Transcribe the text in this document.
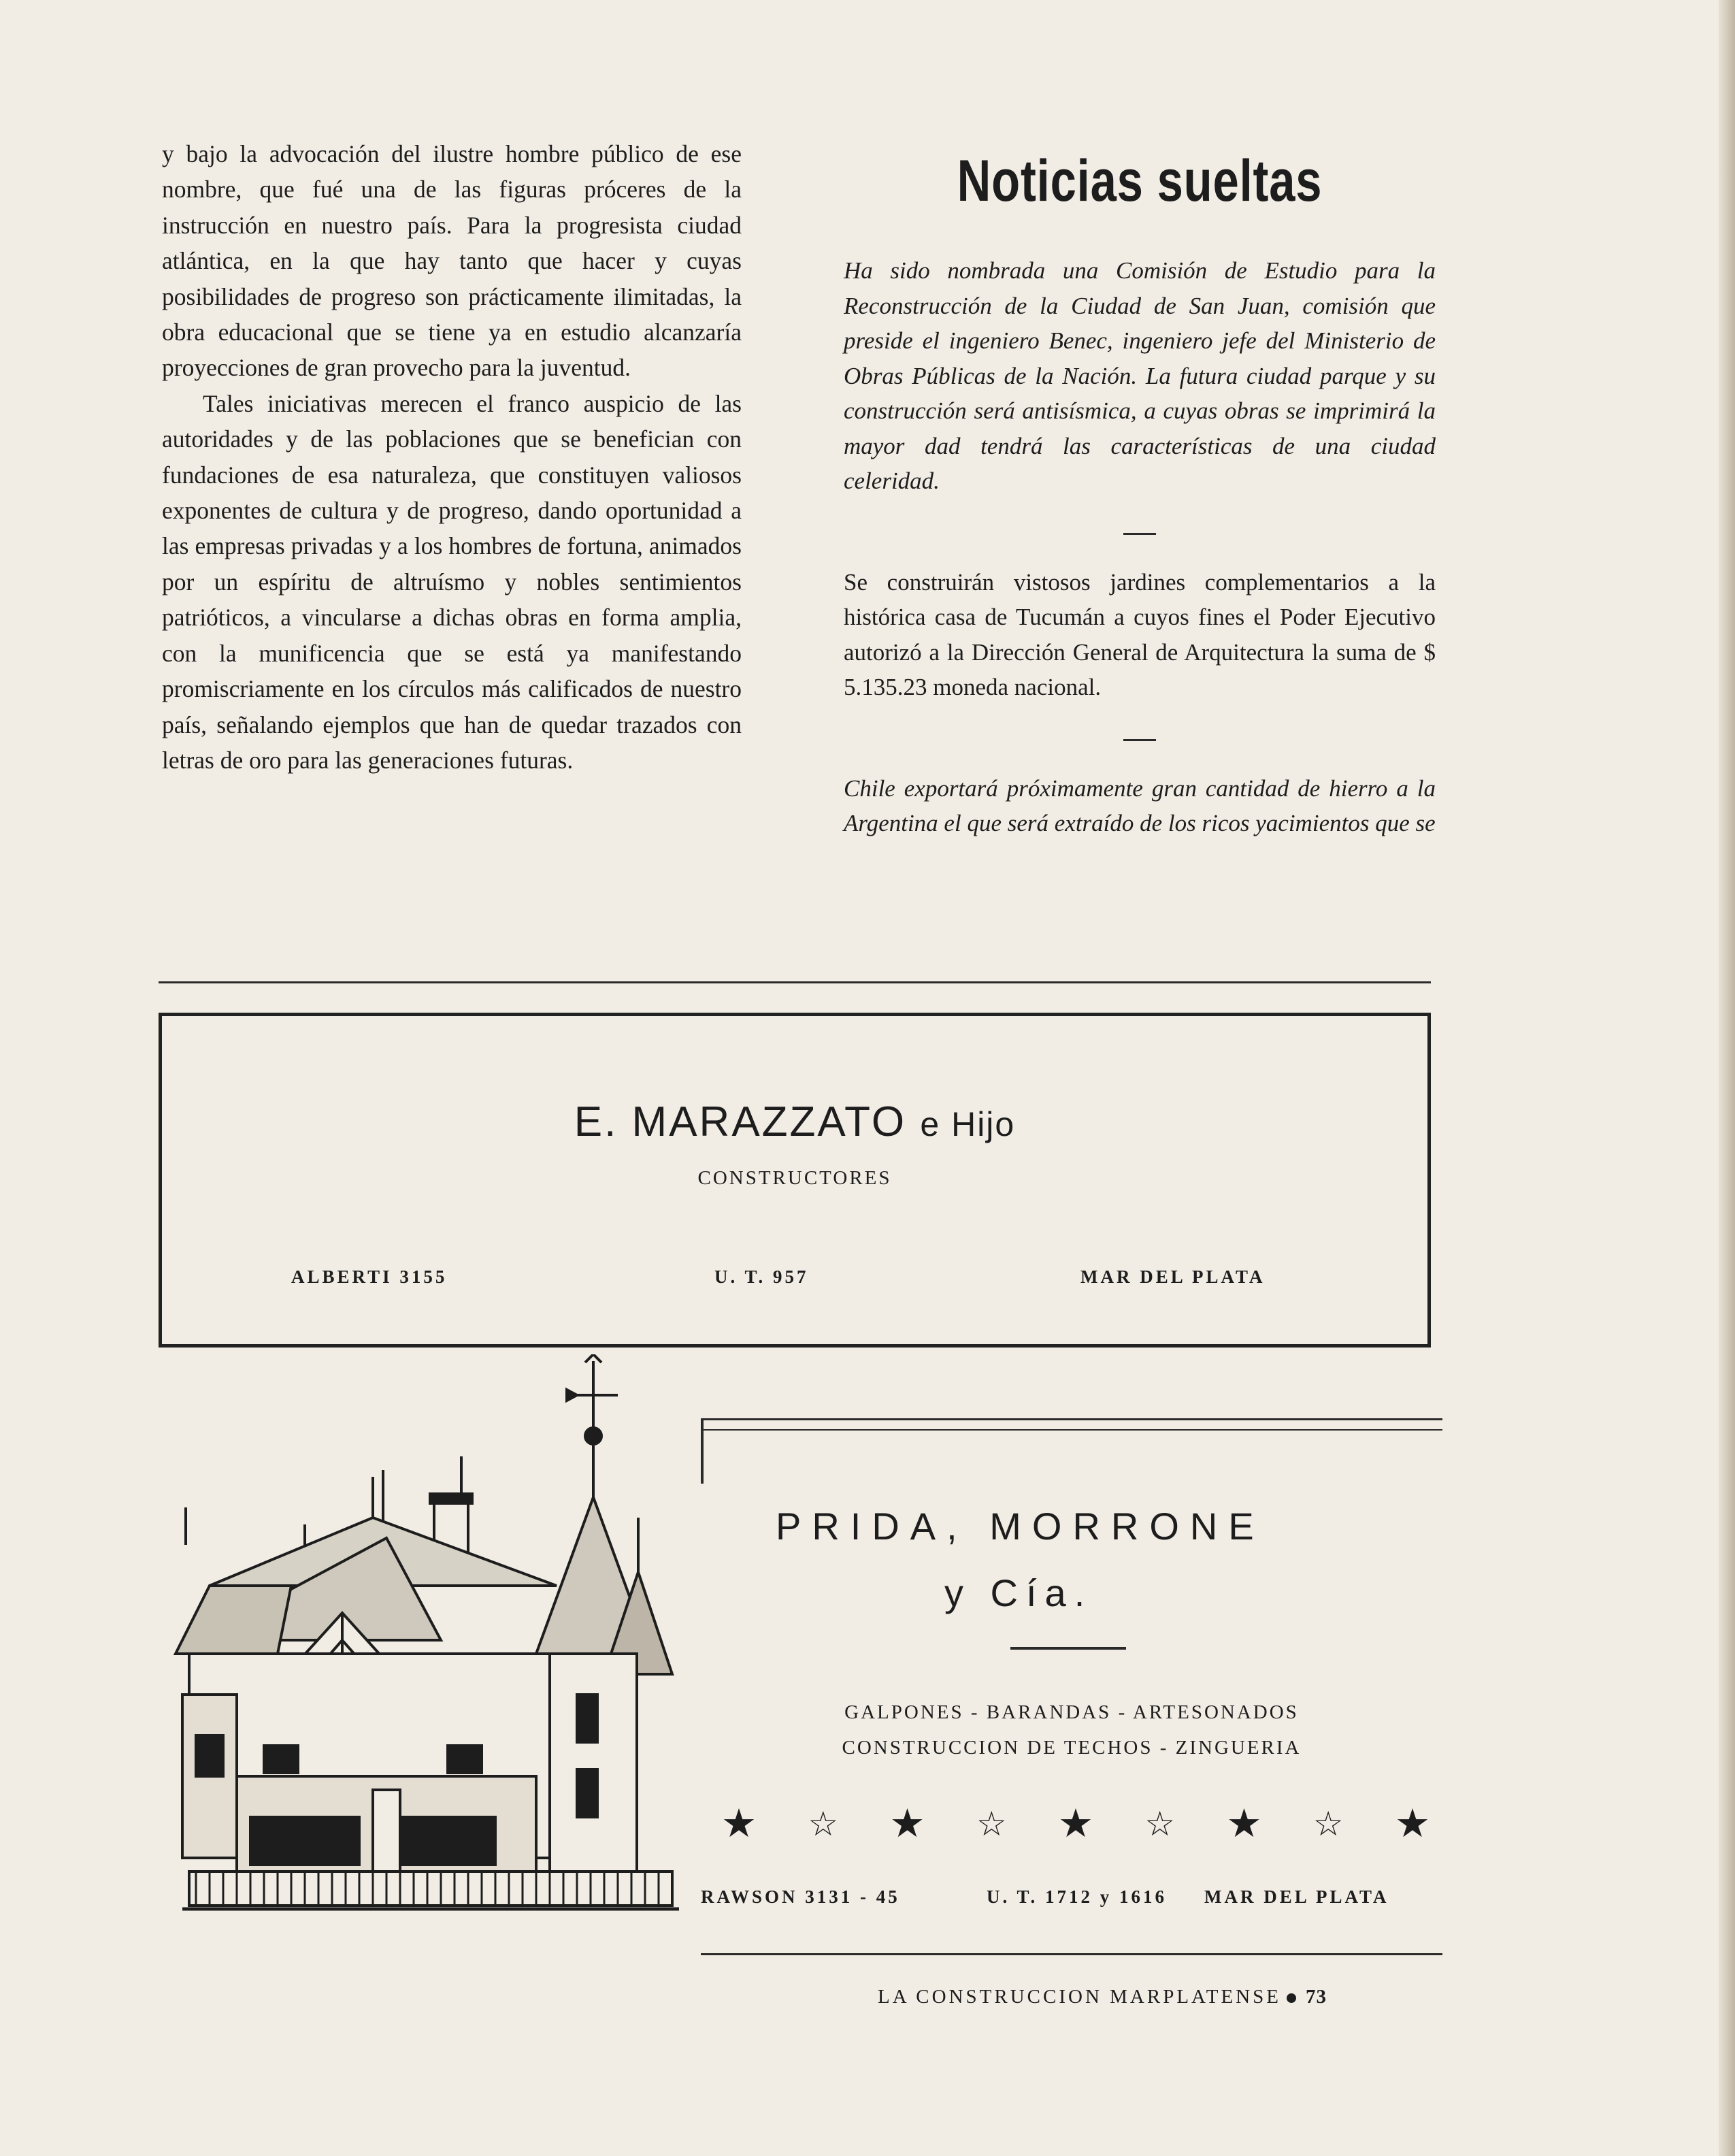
y bajo la advocación del ilustre hombre público de ese nombre, que fué una de las figuras próceres de la instrucción en nuestro país. Para la progresista ciudad atlántica, en la que hay tanto que hacer y cuyas posibilidades de progreso son prácticamente ilimitadas, la obra educacional que se tiene ya en estudio alcanzaría proyecciones de gran provecho para la juventud.

Tales iniciativas merecen el franco auspicio de las autoridades y de las poblaciones que se benefician con fundaciones de esa naturaleza, que constituyen valiosos exponentes de cultura y de progreso, dando oportunidad a las empresas privadas y a los hombres de fortuna, animados por un espíritu de altruísmo y nobles sentimientos patrióticos, a vincularse a dichas obras en forma amplia, con la munificencia que se está ya manifestando promiscriamente en los círculos más calificados de nuestro país, señalando ejemplos que han de quedar trazados con letras de oro para las generaciones futuras.

Noticias sueltas

Ha sido nombrada una Comisión de Estudio para la Reconstrucción de la Ciudad de San Juan, comisión que preside el ingeniero Benec, ingeniero jefe del Ministerio de Obras Públicas de la Nación. La futura ciudad parque y su construcción será antisísmica, a cuyas obras se imprimirá la mayor dad tendrá las características de una ciudad celeridad.

Se construirán vistosos jardines complementarios a la histórica casa de Tucumán a cuyos fines el Poder Ejecutivo autorizó a la Dirección General de Arquitectura la suma de $ 5.135.23 moneda nacional.

Chile exportará próximamente gran cantidad de hierro a la Argentina el que será extraído de los ricos yacimientos que se

E. MARAZZATO e Hijo
CONSTRUCTORES
ALBERTI 3155	U. T. 957	MAR DEL PLATA
PRIDA, MORRONE
y Cía.
GALPONES - BARANDAS - ARTESONADOS
CONSTRUCCION DE TECHOS - ZINGUERIA
★ ☆ ★ ☆ ★ ☆ ★ ☆ ★
RAWSON 3131 - 45	U. T. 1712 y 1616 MAR DEL PLATA
LA CONSTRUCCION MARPLATENSE 73
